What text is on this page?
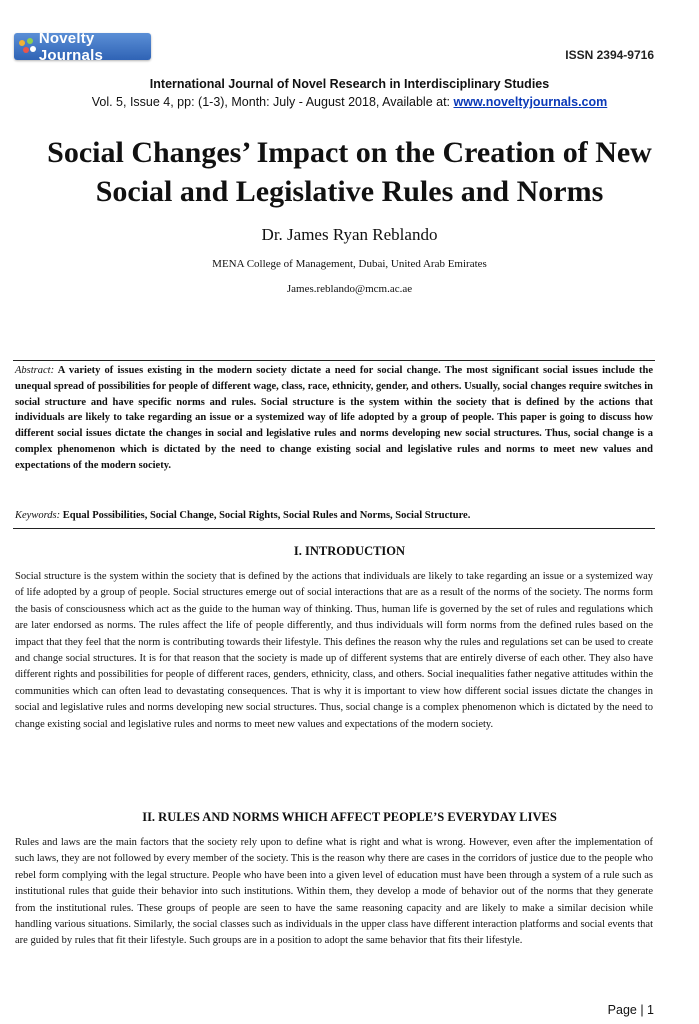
Novelty Journals	ISSN 2394-9716
International Journal of Novel Research in Interdisciplinary Studies
Vol. 5, Issue 4, pp: (1-3), Month: July - August 2018, Available at: www.noveltyjournals.com
Social Changes’ Impact on the Creation of New
Social and Legislative Rules and Norms
Dr. James Ryan Reblando
MENA College of Management, Dubai, United Arab Emirates
James.reblando@mcm.ac.ae
Abstract: A variety of issues existing in the modern society dictate a need for social change. The most significant social issues include the unequal spread of possibilities for people of different wage, class, race, ethnicity, gender, and others. Usually, social changes require switches in social structure and have specific norms and rules. Social structure is the system within the society that is defined by the actions that individuals are likely to take regarding an issue or a systemized way of life adopted by a group of people. This paper is going to discuss how different social issues dictate the changes in social and legislative rules and norms developing new social structures. Thus, social change is a complex phenomenon which is dictated by the need to change existing social and legislative rules and norms to meet new values and expectations of the modern society.
Keywords: Equal Possibilities, Social Change, Social Rights, Social Rules and Norms, Social Structure.
I. INTRODUCTION
Social structure is the system within the society that is defined by the actions that individuals are likely to take regarding an issue or a systemized way of life adopted by a group of people. Social structures emerge out of social interactions that are as a result of the norms of the society. The norms form the basis of consciousness which act as the guide to the human way of thinking. Thus, human life is governed by the set of rules and regulations which are later endorsed as norms. The rules affect the life of people differently, and thus individuals will form norms from the defined rules based on the impact that they feel that the norm is contributing towards their lifestyle. This defines the reason why the rules and regulations set can be used to create and change social structures. It is for that reason that the society is made up of different systems that are entirely diverse of each other. They also have different rights and possibilities for people of different races, genders, ethnicity, class, and others. Social inequalities father negative attitudes within the communities which can often lead to devastating consequences. That is why it is important to view how different social issues dictate the changes in social and legislative rules and norms developing new social structures. Thus, social change is a complex phenomenon which is dictated by the need to change existing social and legislative rules and norms to meet new values and expectations of the modern society.
II. RULES AND NORMS WHICH AFFECT PEOPLE’S EVERYDAY LIVES
Rules and laws are the main factors that the society rely upon to define what is right and what is wrong. However, even after the implementation of such laws, they are not followed by every member of the society. This is the reason why there are cases in the corridors of justice due to the people who rebel form complying with the legal structure. People who have been into a given level of education must have been through a system of a rule such as institutional rules that guide their behavior into such institutions. Within them, they develop a mode of behavior out of the norms that they generate from the institutional rules. These groups of people are seen to have the same reasoning capacity and are likely to make a similar decision while handling various situations. Similarly, the social classes such as individuals in the upper class have different interaction platforms and social events that are guided by rules that fit their lifestyle. Such groups are in a position to adopt the same behavior that fits their lifestyle.
Page | 1
